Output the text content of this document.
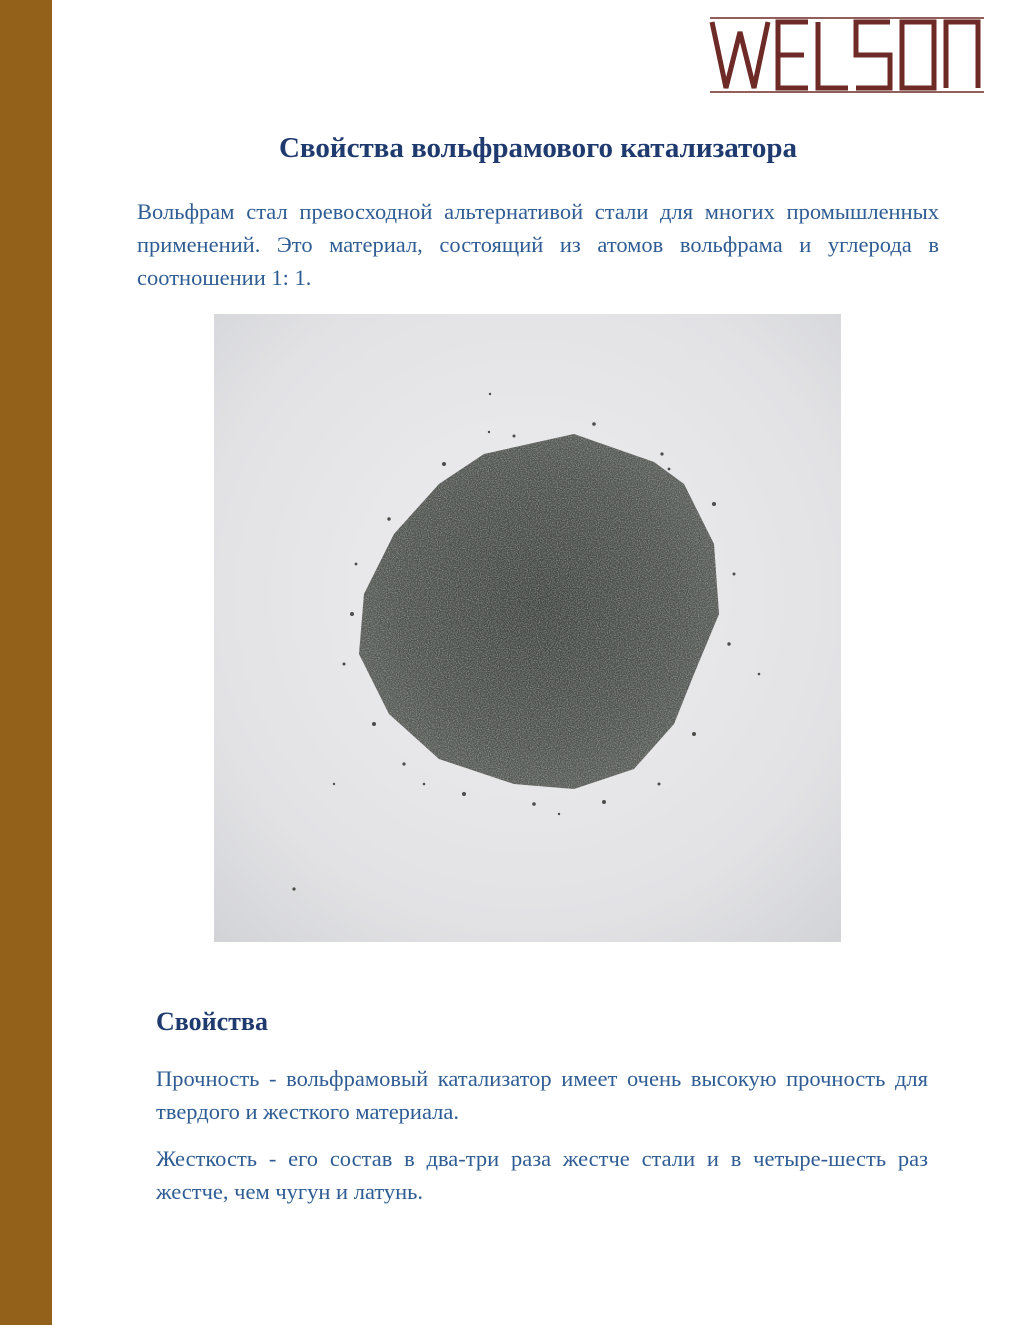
Свойства вольфрамового катализатора

Вольфрам стал превосходной альтернативой стали для многих промышленных применений. Это материал, состоящий из атомов вольфрама и углерода в соотношении 1: 1.

Свойства

Прочность - вольфрамовый катализатор имеет очень высокую прочность для твердого и жесткого материала.

Жесткость - его состав в два-три раза жестче стали и в четыре-шесть раз жестче, чем чугун и латунь.
